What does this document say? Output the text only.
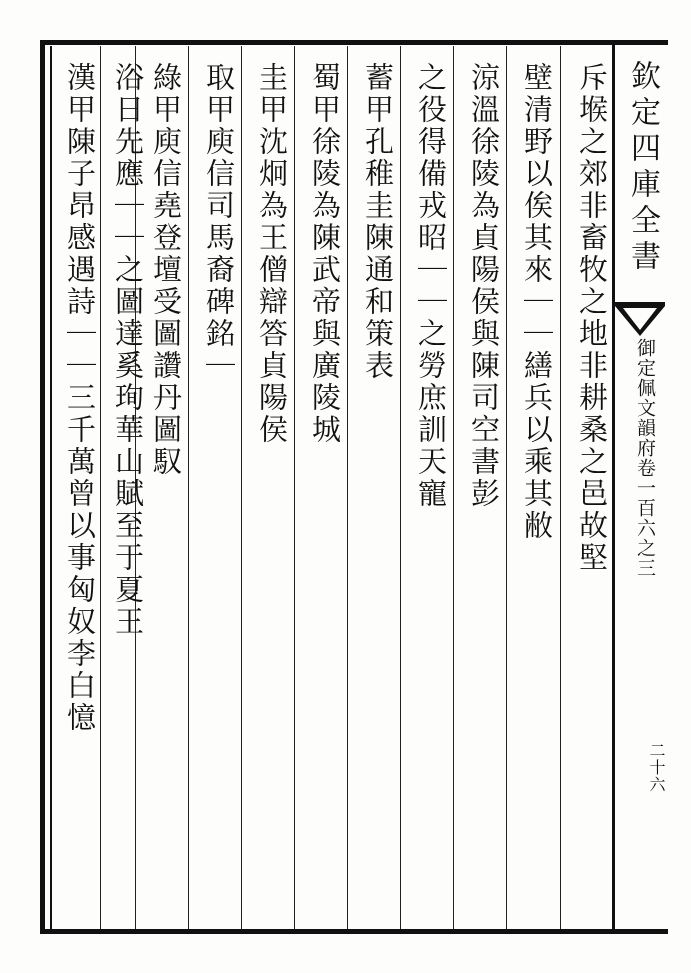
欽定四庫全書
御定佩文韻府卷一百六之三
二十六
斥堠之郊非畜牧之地非耕桑之邑故堅
壁清野以俟其來｜｜繕兵以乘其敝

涼溫徐陵為貞陽侯與陳司空書彭
之役得備戎昭｜｜之勞庶訓天寵
蓄甲孔稚圭陳通和策表
蜀甲徐陵為陳武帝與廣陵城
圭甲沈炯為王僧辯答貞陽侯
取甲庾信司馬裔碑銘｜
綠甲庾信堯登壇受圖讚丹圖馭
浴日先應｜｜之圖達奚珣華山賦至于夏王
漢甲陳子昂感遇詩｜｜三千萬曾以事匈奴李白憶
